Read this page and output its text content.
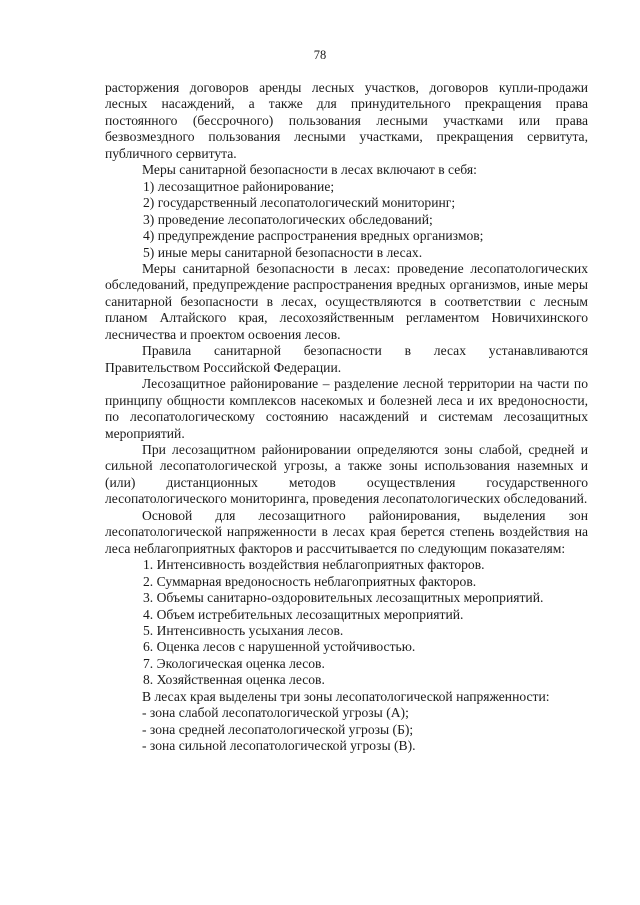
78

расторжения договоров аренды лесных участков, договоров купли-продажи лесных насаждений, а также для принудительного прекращения права постоянного (бессрочного) пользования лесными участками или права безвозмездного пользования лесными участками, прекращения сервитута, публичного сервитута.

Меры санитарной безопасности в лесах включают в себя:

1) лесозащитное районирование;

2) государственный лесопатологический мониторинг;

3) проведение лесопатологических обследований;

4) предупреждение распространения вредных организмов;

5) иные меры санитарной безопасности в лесах.

Меры санитарной безопасности в лесах: проведение лесопатологических обследований, предупреждение распространения вредных организмов, иные меры санитарной безопасности в лесах, осуществляются в соответствии с лесным планом Алтайского края, лесохозяйственным регламентом Новичихинского лесничества и проектом освоения лесов.

Правила санитарной безопасности в лесах устанавливаются Правительством Российской Федерации.

Лесозащитное районирование – разделение лесной территории на части по принципу общности комплексов насекомых и болезней леса и их вредоносности, по лесопатологическому состоянию насаждений и системам лесозащитных мероприятий.

При лесозащитном районировании определяются зоны слабой, средней и сильной лесопатологической угрозы, а также зоны использования наземных и (или) дистанционных методов осуществления государственного лесопатологического мониторинга, проведения лесопатологических обследований.

Основой для лесозащитного районирования, выделения зон лесопатологической напряженности в лесах края берется степень воздействия на леса неблагоприятных факторов и рассчитывается по следующим показателям:

1. Интенсивность воздействия неблагоприятных факторов.

2. Суммарная вредоносность неблагоприятных факторов.

3. Объемы санитарно-оздоровительных лесозащитных мероприятий.

4. Объем истребительных лесозащитных мероприятий.

5. Интенсивность усыхания лесов.

6. Оценка лесов с нарушенной устойчивостью.

7. Экологическая оценка лесов.

8. Хозяйственная оценка лесов.

В лесах края выделены три зоны лесопатологической напряженности:

- зона слабой лесопатологической угрозы (А);

- зона средней лесопатологической угрозы (Б);

- зона сильной лесопатологической угрозы (В).
